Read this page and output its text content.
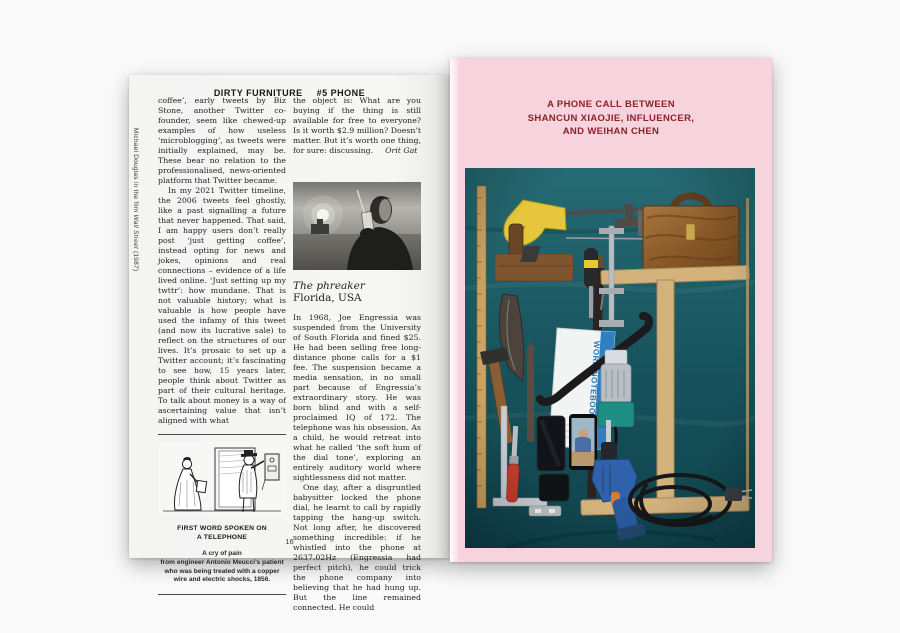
DIRTY FURNITURE #5 PHONE
Michael Douglas in the film Wall Street (1987)

coffee’, early tweets by Biz Stone, another Twitter co-founder, seem like chewed-up examples of how useless ‘microblogging’, as tweets were initially explained, may be. These bear no relation to the professionalised, news-oriented platform that Twitter became.

In my 2021 Twitter timeline, the 2006 tweets feel ghostly, like a past signalling a future that never happened. That said, I am happy users don’t really post ‘just getting coffee’, instead opting for news and jokes, opinions and real connections – evidence of a life lived online. ‘Just setting up my twttr’: how mundane. That is not valuable history; what is valuable is how people have used the infamy of this tweet (and now its lucrative sale) to reflect on the structures of our lives. It’s prosaic to set up a Twitter account; it’s fascinating to see how, 15 years later, people think about Twitter as part of their cultural heritage. To talk about money is a way of ascertaining value that isn’t aligned with what

FIRST WORD SPOKEN ON
A TELEPHONE
A cry of pain
from engineer Antonio Meucci’s patient
who was being treated with a copper
wire and electric shocks, 1856.

the object is: What are you buying if the thing is still available for free to everyone? Is it worth $2.9 million? Doesn’t matter. But it’s worth one thing, for sure: discussing. Orit Gat

The phreaker
Florida, USA

In 1968, Joe Engressia was suspended from the University of South Florida and fined $25. He had been selling free long-distance phone calls for a $1 fee. The suspension became a media sensation, in no small part because of Engressia’s extraordinary story. He was born blind and with a self-proclaimed IQ of 172. The telephone was his obsession. As a child, he would retreat into what he called ‘the soft hum of the dial tone’, exploring an entirely auditory world where sightlessness did not matter.

One day, after a disgruntled babysitter locked the phone dial, he learnt to call by rapidly tapping the hang-up switch. Not long after, he discovered something incredible: if he whistled into the phone at 2637.02Hz (Engressia had perfect pitch), he could trick the phone company into believing that he had hung up. But the line remained connected. He could

16
A PHONE CALL BETWEEN
SHANCUN XIAOJIE, INFLUENCER,
AND WEIHAN CHEN
